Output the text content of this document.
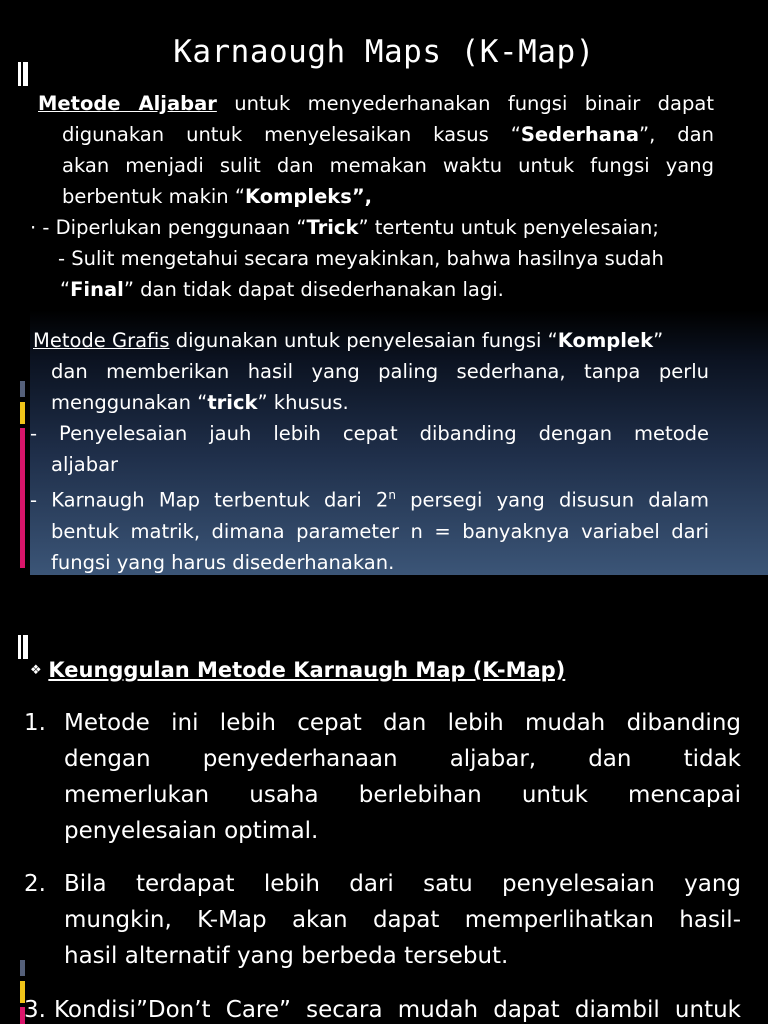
Karnaough Maps (K-Map)
Metode Aljabar untuk menyederhanakan fungsi binair dapat
digunakan untuk menyelesaikan kasus “Sederhana”, dan
akan menjadi sulit dan memakan waktu untuk fungsi yang
berbentuk makin “Kompleks”,
· - Diperlukan penggunaan “Trick” tertentu untuk penyelesaian;
- Sulit mengetahui secara meyakinkan, bahwa hasilnya sudah
“Final” dan tidak dapat disederhanakan lagi.
Metode Grafis digunakan untuk penyelesaian fungsi “Komplek”
dan memberikan hasil yang paling sederhana, tanpa perlu
menggunakan “trick” khusus.
- Penyelesaian jauh lebih cepat dibanding dengan metode
aljabar
- Karnaugh Map terbentuk dari 2$^n$ persegi yang disusun dalam
bentuk matrik, dimana parameter n = banyaknya variabel dari
fungsi yang harus disederhanakan.
❖ Keunggulan Metode Karnaugh Map (K-Map)
1. Metode ini lebih cepat dan lebih mudah dibanding
dengan penyederhanaan aljabar, dan tidak
memerlukan usaha berlebihan untuk mencapai
penyelesaian optimal.
2. Bila terdapat lebih dari satu penyelesaian yang
mungkin, K-Map akan dapat memperlihatkan hasil-
hasil alternatif yang berbeda tersebut.
3. Kondisi”Don’t Care” secara mudah dapat diambil untuk
